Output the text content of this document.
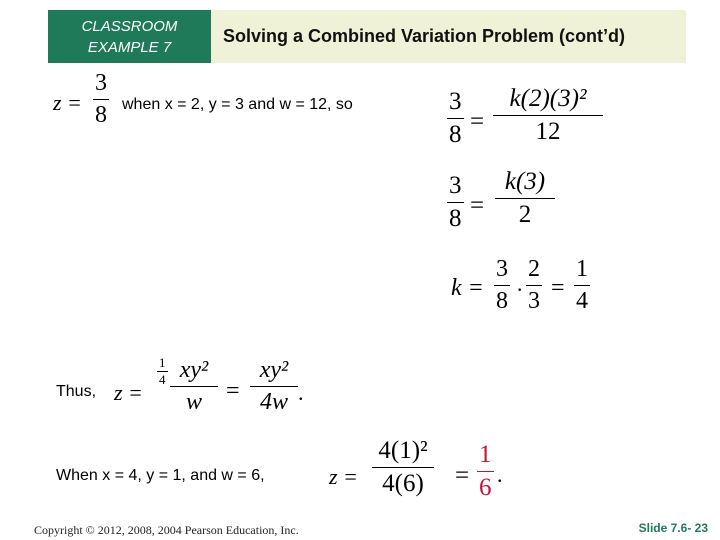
CLASSROOM
EXAMPLE 7
Solving a Combined Variation Problem (cont’d)
z =
3
8 when x = 2, y = 3 and w = 12, so	3
8 =
k(2)(3)²
12
3
8 =
k(3)
2
k =
3
8 ·
2
3 =
1
4
Thus, z =
1
4 xy²
w =
xy²
4w .
When x = 4, y = 1, and w = 6,	z =
4(1)²
4(6) =
1
6 .
Copyright © 2012, 2008, 2004 Pearson Education, Inc.	Slide 7.6- 23
